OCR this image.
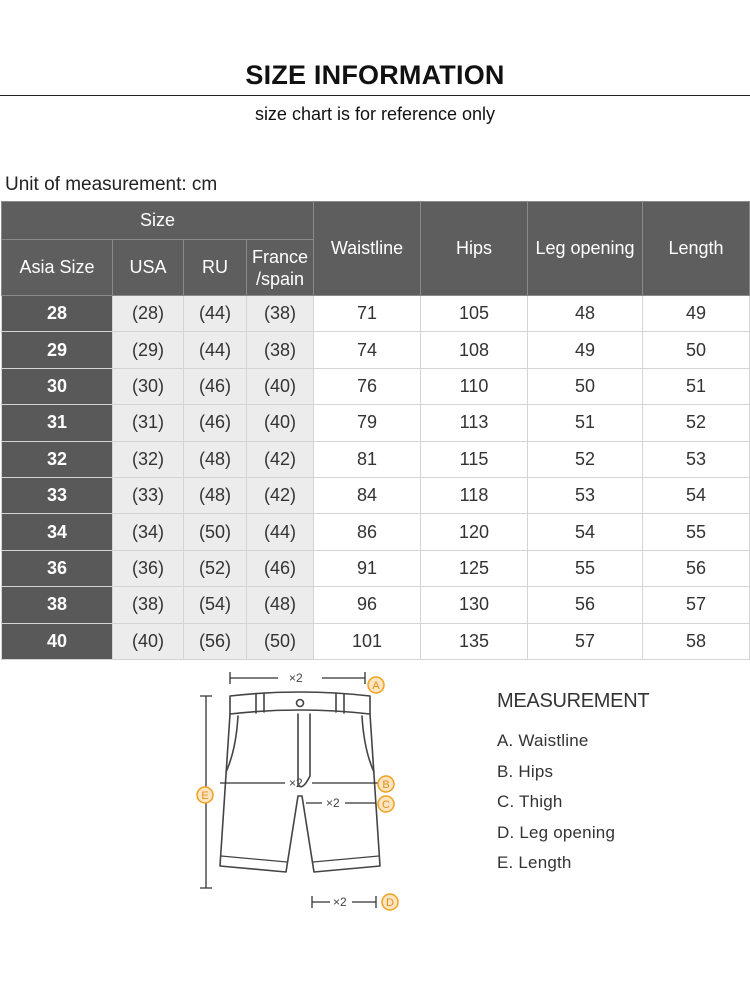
SIZE INFORMATION
size chart is for reference only
Unit of measurement: cm
Size				Waistline	Hips	Leg opening	Length
Asia Size	USA	RU	France
/spain				
28	(28)	(44)	(38)	71	105	48	49
29	(29)	(44)	(38)	74	108	49	50
30	(30)	(46)	(40)	76	110	50	51
31	(31)	(46)	(40)	79	113	51	52
32	(32)	(48)	(42)	81	115	52	53
33	(33)	(48)	(42)	84	118	53	54
34	(34)	(50)	(44)	86	120	54	55
36	(36)	(52)	(46)	91	125	55	56
38	(38)	(54)	(48)	96	130	56	57
40	(40)	(56)	(50)	101	135	57	58
×2
×2
×2
×2
A
B
C
D
E
MEASUREMENT
A. Waistline
B. Hips
C. Thigh
D. Leg opening
E. Length
